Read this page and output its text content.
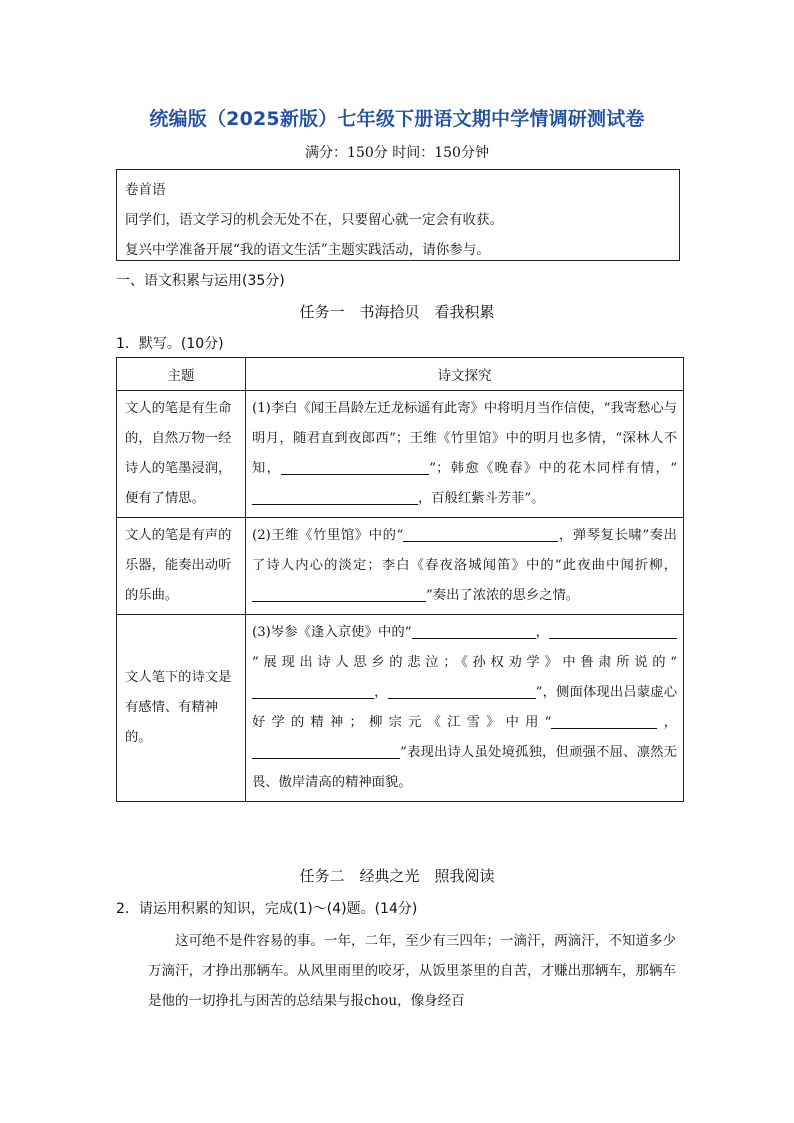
统编版（2025新版）七年级下册语文期中学情调研测试卷
满分：150分 时间：150分钟
卷首语
同学们，语文学习的机会无处不在，只要留心就一定会有收获。
复兴中学准备开展“我的语文生活”主题实践活动，请你参与。
一、语文积累与运用(35分)
任务一　书海拾贝　看我积累
1．默写。(10分)
主题	诗文探究
文人的笔是有生命的，自然万物一经诗人的笔墨浸润，便有了情思。	(1)李白《闻王昌龄左迁龙标遥有此寄》中将明月当作信使，“我寄愁心与明月，随君直到夜郎西”；王维《竹里馆》中的明月也多情，“深林人不知， ”；韩愈《晚春》中的花木同样有情，“，百般红紫斗芳菲”。
文人的笔是有声的乐器，能奏出动听的乐曲。	(2)王维《竹里馆》中的“ ，弹琴复长啸”奏出了诗人内心的淡定；李白《春夜洛城闻笛》中的“此夜曲中闻折柳，”奏出了浓浓的思乡之情。
文人笔下的诗文是有感情、有精神的。	(3)岑参《逢入京使》中的“ ，”展现出诗人思乡的悲泣；《孙权劝学》中鲁肃所说的“， ”，侧面体现出吕蒙虚心好学的精神；柳宗元《江雪》中用“ ，”表现出诗人虽处境孤独，但顽强不屈、凛然无畏、傲岸清高的精神面貌。
任务二　经典之光　照我阅读
2．请运用积累的知识，完成(1)～(4)题。(14分)

这可绝不是件容易的事。一年，二年，至少有三四年；一滴汗，两滴汗，不知道多少万滴汗，才挣出那辆车。从风里雨里的咬牙，从饭里茶里的自苦，才赚出那辆车，那辆车是他的一切挣扎与困苦的总结果与报chou，像身经百
